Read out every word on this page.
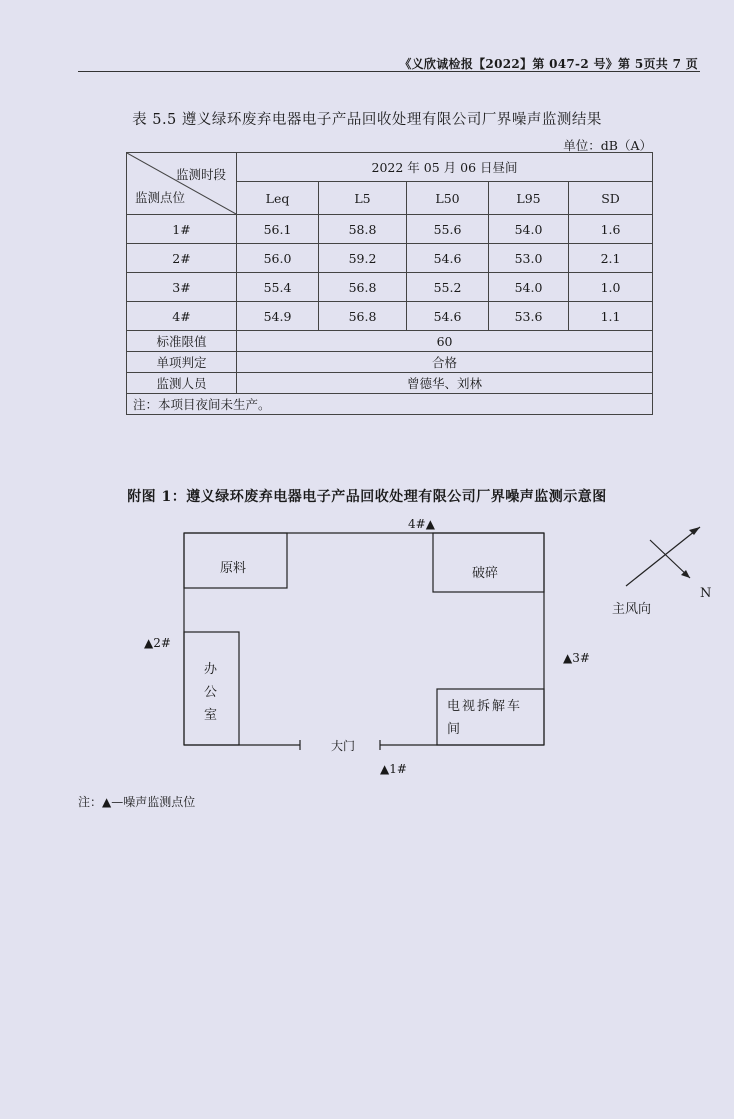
《义欣诚检报【2022】第 047-2 号》第 5页共 7 页
表 5.5 遵义绿环废弃电器电子产品回收处理有限公司厂界噪声监测结果
单位：dB（A）
监测时段
监测点位	2022 年 05 月 06 日昼间				
	Leq	L5	L50	L95	SD
1#	56.1	58.8	55.6	54.0	1.6
2#	56.0	59.2	54.6	53.0	2.1
3#	55.4	56.8	55.2	54.0	1.0
4#	54.9	56.8	54.6	53.6	1.1
标准限值	60				
单项判定	合格				
监测人员	曾德华、刘林				
注：本项目夜间未生产。					
附图 1：遵义绿环废弃电器电子产品回收处理有限公司厂界噪声监测示意图
原料	破碎
办
公
室
电视拆解车
间
大门
▲1#
▲2#
▲3#
4#▲
主风向
N
注：▲—噪声监测点位
